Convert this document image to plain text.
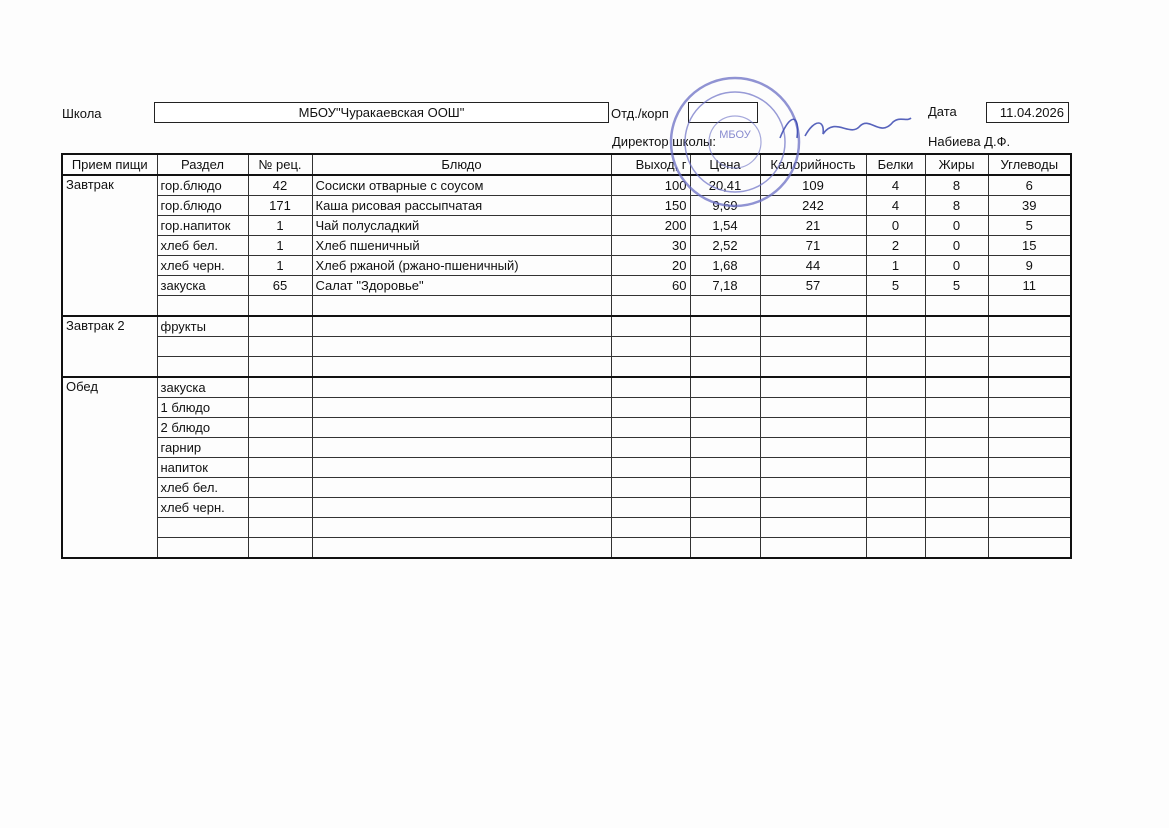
Школа	МБОУ"Чуракаевская ООШ"	Отд./корп	Дата	11.04.2026
Директор школы:	Набиева Д.Ф.
Прием пищи	Раздел	№ рец.	Блюдо	Выход, г	Цена	Калорийность	Белки	Жиры	Углеводы
Завтрак	гор.блюдо	42	Сосиски отварные с соусом	100	20,41	109	4	8	6
	гор.блюдо	171	Каша рисовая рассыпчатая	150	9,69	242	4	8	39
	гор.напиток	1	Чай полусладкий	200	1,54	21	0	0	5
	хлеб бел.	1	Хлеб пшеничный	30	2,52	71	2	0	15
	хлеб черн.	1	Хлеб ржаной (ржано-пшеничный)	20	1,68	44	1	0	9
	закуска	65	Салат "Здоровье"	60	7,18	57	5	5	11

Завтрак 2	фрукты								

Обед	закуска								
	1 блюдо								
	2 блюдо								
	гарнир								
	напиток								
	хлеб бел.								
	хлеб черн.								

МБОУ
